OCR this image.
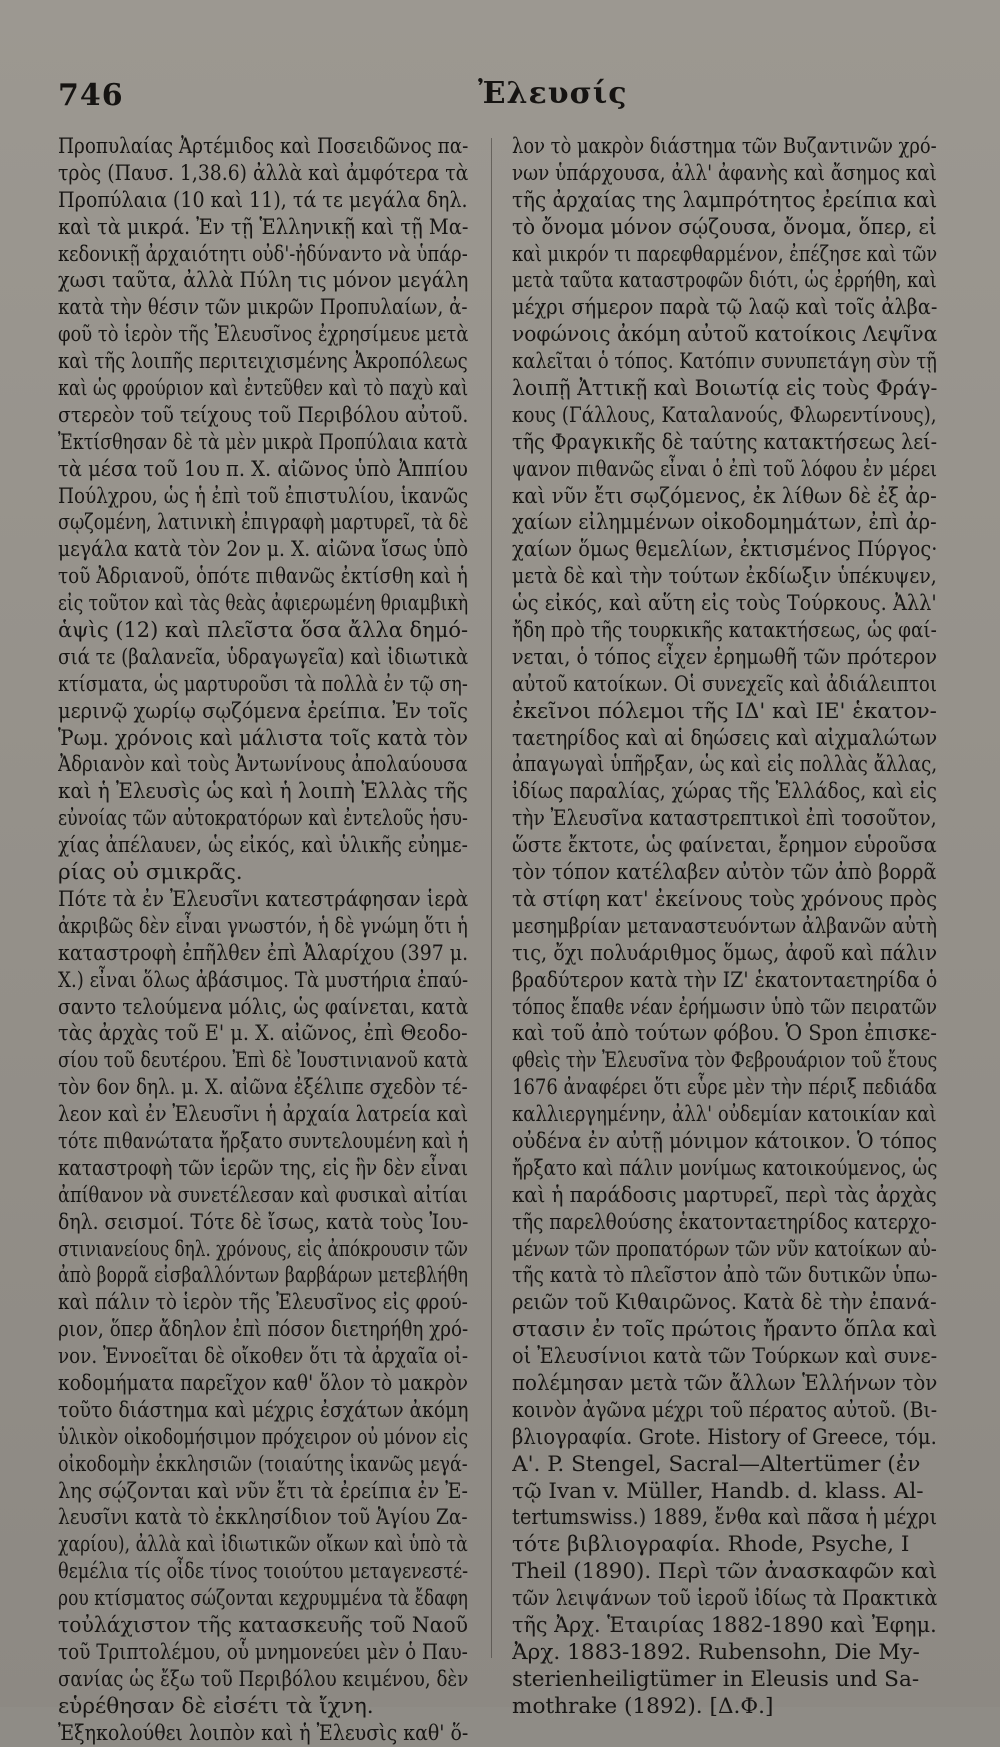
746	Ἐλευσίς
Προπυλαίας Ἀρτέμιδος καὶ Ποσειδῶνος πα-
τρὸς (Παυσ. 1,38.6) ἀλλὰ καὶ ἀμφότερα τὰ
Προπύλαια (10 καὶ 11), τά τε μεγάλα δηλ.
καὶ τὰ μικρά. Ἐν τῇ Ἑλληνικῇ καὶ τῇ Μα-
κεδονικῇ ἀρχαιότητι οὐδ'-ἠδύναντο νὰ ὑπάρ-
χωσι ταῦτα, ἀλλὰ Πύλη τις μόνον μεγάλη
κατὰ τὴν θέσιν τῶν μικρῶν Προπυλαίων, ἀ-
φοῦ τὸ ἱερὸν τῆς Ἐλευσῖνος ἐχρησίμευε μετὰ
καὶ τῆς λοιπῆς περιτειχισμένης Ἀκροπόλεως
καὶ ὡς φρούριον καὶ ἐντεῦθεν καὶ τὸ παχὺ καὶ
στερεὸν τοῦ τείχους τοῦ Περιβόλου αὐτοῦ.
Ἐκτίσθησαν δὲ τὰ μὲν μικρὰ Προπύλαια κατὰ
τὰ μέσα τοῦ 1ου π. Χ. αἰῶνος ὑπὸ Ἀππίου
Πούλχρου, ὡς ἡ ἐπὶ τοῦ ἐπιστυλίου, ἱκανῶς
σῳζομένη, λατινικὴ ἐπιγραφὴ μαρτυρεῖ, τὰ δὲ
μεγάλα κατὰ τὸν 2ον μ. Χ. αἰῶνα ἴσως ὑπὸ
τοῦ Ἀδριανοῦ, ὁπότε πιθανῶς ἐκτίσθη καὶ ἡ
εἰς τοῦτον καὶ τὰς θεὰς ἀφιερωμένη θριαμβικὴ
ἁψὶς (12) καὶ πλεῖστα ὅσα ἄλλα δημό-
σιά τε (βαλανεῖα, ὑδραγωγεῖα) καὶ ἰδιωτικὰ
κτίσματα, ὡς μαρτυροῦσι τὰ πολλὰ ἐν τῷ ση-
μερινῷ χωρίῳ σῳζόμενα ἐρείπια. Ἐν τοῖς
Ῥωμ. χρόνοις καὶ μάλιστα τοῖς κατὰ τὸν
Ἀδριανὸν καὶ τοὺς Ἀντωνίνους ἀπολαύουσα
καὶ ἡ Ἐλευσὶς ὡς καὶ ἡ λοιπὴ Ἑλλὰς τῆς
εὐνοίας τῶν αὐτοκρατόρων καὶ ἐντελοῦς ἡσυ-
χίας ἀπέλαυεν, ὡς εἰκός, καὶ ὑλικῆς εὐημε-
ρίας οὐ σμικρᾶς.
Πότε τὰ ἐν Ἐλευσῖνι κατεστράφησαν ἱερὰ
ἀκριβῶς δὲν εἶναι γνωστόν, ἡ δὲ γνώμη ὅτι ἡ
καταστροφὴ ἐπῆλθεν ἐπὶ Ἀλαρίχου (397 μ.
Χ.) εἶναι ὅλως ἀβάσιμος. Τὰ μυστήρια ἐπαύ-
σαντο τελούμενα μόλις, ὡς φαίνεται, κατὰ
τὰς ἀρχὰς τοῦ Ε' μ. Χ. αἰῶνος, ἐπὶ Θεοδο-
σίου τοῦ δευτέρου. Ἐπὶ δὲ Ἰουστινιανοῦ κατὰ
τὸν 6ον δηλ. μ. Χ. αἰῶνα ἐξέλιπε σχεδὸν τέ-
λεον καὶ ἐν Ἐλευσῖνι ἡ ἀρχαία λατρεία καὶ
τότε πιθανώτατα ἤρξατο συντελουμένη καὶ ἡ
καταστροφὴ τῶν ἱερῶν της, εἰς ἣν δὲν εἶναι
ἀπίθανον νὰ συνετέλεσαν καὶ φυσικαὶ αἰτίαι
δηλ. σεισμοί. Τότε δὲ ἴσως, κατὰ τοὺς Ἰου-
στινιανείους δηλ. χρόνους, εἰς ἀπόκρουσιν τῶν
ἀπὸ βορρᾶ εἰσβαλλόντων βαρβάρων μετεβλήθη
καὶ πάλιν τὸ ἱερὸν τῆς Ἐλευσῖνος εἰς φρού-
ριον, ὅπερ ἄδηλον ἐπὶ πόσον διετηρήθη χρό-
νον. Ἐννοεῖται δὲ οἴκοθεν ὅτι τὰ ἀρχαῖα οἰ-
κοδομήματα παρεῖχον καθ' ὅλον τὸ μακρὸν
τοῦτο διάστημα καὶ μέχρις ἐσχάτων ἀκόμη
ὑλικὸν οἰκοδομήσιμον πρόχειρον οὐ μόνον εἰς
οἰκοδομὴν ἐκκλησιῶν (τοιαύτης ἱκανῶς μεγά-
λης σῴζονται καὶ νῦν ἔτι τὰ ἐρείπια ἐν Ἐ-
λευσῖνι κατὰ τὸ ἐκκλησίδιον τοῦ Ἁγίου Ζα-
χαρίου), ἀλλὰ καὶ ἰδιωτικῶν οἴκων καὶ ὑπὸ τὰ
θεμέλια τίς οἶδε τίνος τοιούτου μεταγενεστέ-
ρου κτίσματος σώζονται κεχρυμμένα τὰ ἔδαφη
τοὐλάχιστον τῆς κατασκευῆς τοῦ Ναοῦ
τοῦ Τριπτολέμου, οὗ μνημονεύει μὲν ὁ Παυ-
σανίας ὡς ἔξω τοῦ Περιβόλου κειμένου, δὲν
εὑρέθησαν δὲ εἰσέτι τὰ ἴχνη.
Ἐξηκολούθει λοιπὸν καὶ ἡ Ἐλευσὶς καθ' ὅ-
λον τὸ μακρὸν διάστημα τῶν Βυζαντινῶν χρό-
νων ὑπάρχουσα, ἀλλ' ἀφανὴς καὶ ἄσημος καὶ
τῆς ἀρχαίας της λαμπρότητος ἐρείπια καὶ
τὸ ὄνομα μόνον σῴζουσα, ὄνομα, ὅπερ, εἰ
καὶ μικρόν τι παρεφθαρμένον, ἐπέζησε καὶ τῶν
μετὰ ταῦτα καταστροφῶν διότι, ὡς ἐρρήθη, καὶ
μέχρι σήμερον παρὰ τῷ λαῷ καὶ τοῖς ἀλβα-
νοφώνοις ἀκόμη αὐτοῦ κατοίκοις Λεψῖνα
καλεῖται ὁ τόπος. Κατόπιν συνυπετάγη σὺν τῇ
λοιπῇ Ἀττικῇ καὶ Βοιωτίᾳ εἰς τοὺς Φράγ-
κους (Γάλλους, Καταλανούς, Φλωρεντίνους),
τῆς Φραγκικῆς δὲ ταύτης κατακτήσεως λεί-
ψανον πιθανῶς εἶναι ὁ ἐπὶ τοῦ λόφου ἐν μέρει
καὶ νῦν ἔτι σῳζόμενος, ἐκ λίθων δὲ ἐξ ἀρ-
χαίων εἰλημμένων οἰκοδομημάτων, ἐπὶ ἀρ-
χαίων ὅμως θεμελίων, ἐκτισμένος Πύργος·
μετὰ δὲ καὶ τὴν τούτων ἐκδίωξιν ὑπέκυψεν,
ὡς εἰκός, καὶ αὕτη εἰς τοὺς Τούρκους. Ἀλλ'
ἤδη πρὸ τῆς τουρκικῆς κατακτήσεως, ὡς φαί-
νεται, ὁ τόπος εἶχεν ἐρημωθῆ τῶν πρότερον
αὐτοῦ κατοίκων. Οἱ συνεχεῖς καὶ ἀδιάλειπτοι
ἐκεῖνοι πόλεμοι τῆς ΙΔ' καὶ ΙΕ' ἑκατον-
ταετηρίδος καὶ αἱ δηώσεις καὶ αἰχμαλώτων
ἀπαγωγαὶ ὑπῆρξαν, ὡς καὶ εἰς πολλὰς ἄλλας,
ἰδίως παραλίας, χώρας τῆς Ἑλλάδος, καὶ εἰς
τὴν Ἐλευσῖνα καταστρεπτικοὶ ἐπὶ τοσοῦτον,
ὥστε ἔκτοτε, ὡς φαίνεται, ἔρημον εὑροῦσα
τὸν τόπον κατέλαβεν αὐτὸν τῶν ἀπὸ βορρᾶ
τὰ στίφη κατ' ἐκείνους τοὺς χρόνους πρὸς
μεσημβρίαν μεταναστευόντων ἀλβανῶν αὐτὴ
τις, ὄχι πολυάριθμος ὅμως, ἀφοῦ καὶ πάλιν
βραδύτερον κατὰ τὴν ΙΖ' ἑκατονταετηρίδα ὁ
τόπος ἔπαθε νέαν ἐρήμωσιν ὑπὸ τῶν πειρατῶν
καὶ τοῦ ἀπὸ τούτων φόβου. Ὁ Spon ἐπισκε-
φθεὶς τὴν Ἐλευσῖνα τὸν Φεβρουάριον τοῦ ἔτους
1676 ἀναφέρει ὅτι εὗρε μὲν τὴν πέριξ πεδιάδα
καλλιεργημένην, ἀλλ' οὐδεμίαν κατοικίαν καὶ
οὐδένα ἐν αὐτῇ μόνιμον κάτοικον. Ὁ τόπος
ἤρξατο καὶ πάλιν μονίμως κατοικούμενος, ὡς
καὶ ἡ παράδοσις μαρτυρεῖ, περὶ τὰς ἀρχὰς
τῆς παρελθούσης ἑκατονταετηρίδος κατερχο-
μένων τῶν προπατόρων τῶν νῦν κατοίκων αὐ-
τῆς κατὰ τὸ πλεῖστον ἀπὸ τῶν δυτικῶν ὑπω-
ρειῶν τοῦ Κιθαιρῶνος. Κατὰ δὲ τὴν ἐπανά-
στασιν ἐν τοῖς πρώτοις ἤραντο ὅπλα καὶ
οἱ Ἐλευσίνιοι κατὰ τῶν Τούρκων καὶ συνε-
πολέμησαν μετὰ τῶν ἄλλων Ἑλλήνων τὸν
κοινὸν ἀγῶνα μέχρι τοῦ πέρατος αὐτοῦ. (Βι-
βλιογραφία. Grote. History of Greece, τόμ.
Α'. P. Stengel, Sacral—Altertümer (ἐν
τῷ Ivan v. Müller, Handb. d. klass. Al-
tertumswiss.) 1889, ἔνθα καὶ πᾶσα ἡ μέχρι
τότε βιβλιογραφία. Rhode, Psyche, I
Theil (1890). Περὶ τῶν ἀνασκαφῶν καὶ
τῶν λειψάνων τοῦ ἱεροῦ ἰδίως τὰ Πρακτικὰ
τῆς Ἀρχ. Ἑταιρίας 1882-1890 καὶ Ἐφημ.
Ἀρχ. 1883-1892. Rubensohn, Die My-
sterienheiligtümer in Eleusis und Sa-
mothrake (1892). [Δ.Φ.]
